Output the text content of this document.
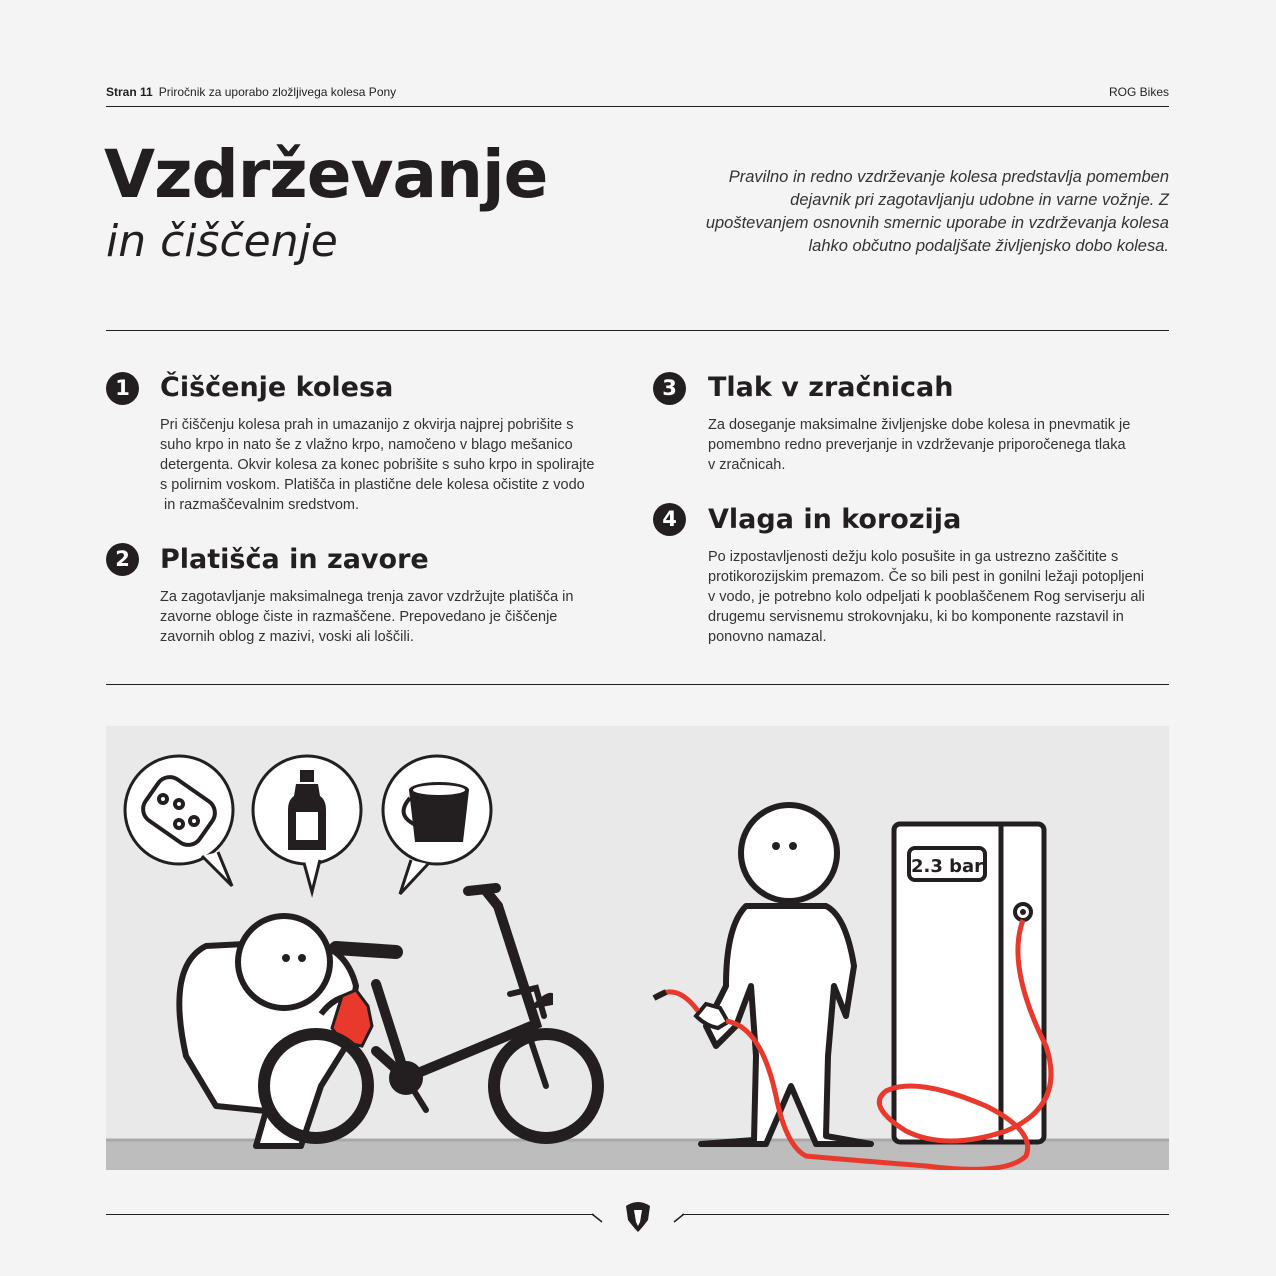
Stran 11 Priročnik za uporabo zložljivega kolesa Pony	ROG Bikes
Vzdrževanje
in čiščenje
Pravilno in redno vzdrževanje kolesa predstavlja pomemben dejavnik pri zagotavljanju udobne in varne vožnje. Z upoštevanjem osnovnih smernic uporabe in vzdrževanja kolesa lahko občutno podaljšate življenjsko dobo kolesa.
1	Čiščenje kolesa

Pri čiščenju kolesa prah in umazanijo z okvirja najprej pobrišite s

suho krpo in nato še z vlažno krpo, namočeno v blago mešanico

detergenta. Okvir kolesa za konec pobrišite s suho krpo in spolirajte

s polirnim voskom. Platišča in plastične dele kolesa očistite z vodo

in razmaščevalnim sredstvom.

2	Platišča in zavore

Za zagotavljanje maksimalnega trenja zavor vzdržujte platišča in

zavorne obloge čiste in razmaščene. Prepovedano je čiščenje

zavornih oblog z mazivi, voski ali loščili.

3	Tlak v zračnicah

Za doseganje maksimalne življenjske dobe kolesa in pnevmatik je

pomembno redno preverjanje in vzdrževanje priporočenega tlaka

v zračnicah.

4	Vlaga in korozija

Po izpostavljenosti dežju kolo posušite in ga ustrezno zaščitite s

protikorozijskim premazom. Če so bili pest in gonilni ležaji potopljeni

v vodo, je potrebno kolo odpeljati k pooblaščenem Rog serviserju ali

drugemu servisnemu strokovnjaku, ki bo komponente razstavil in

ponovno namazal.

2.3 bar
